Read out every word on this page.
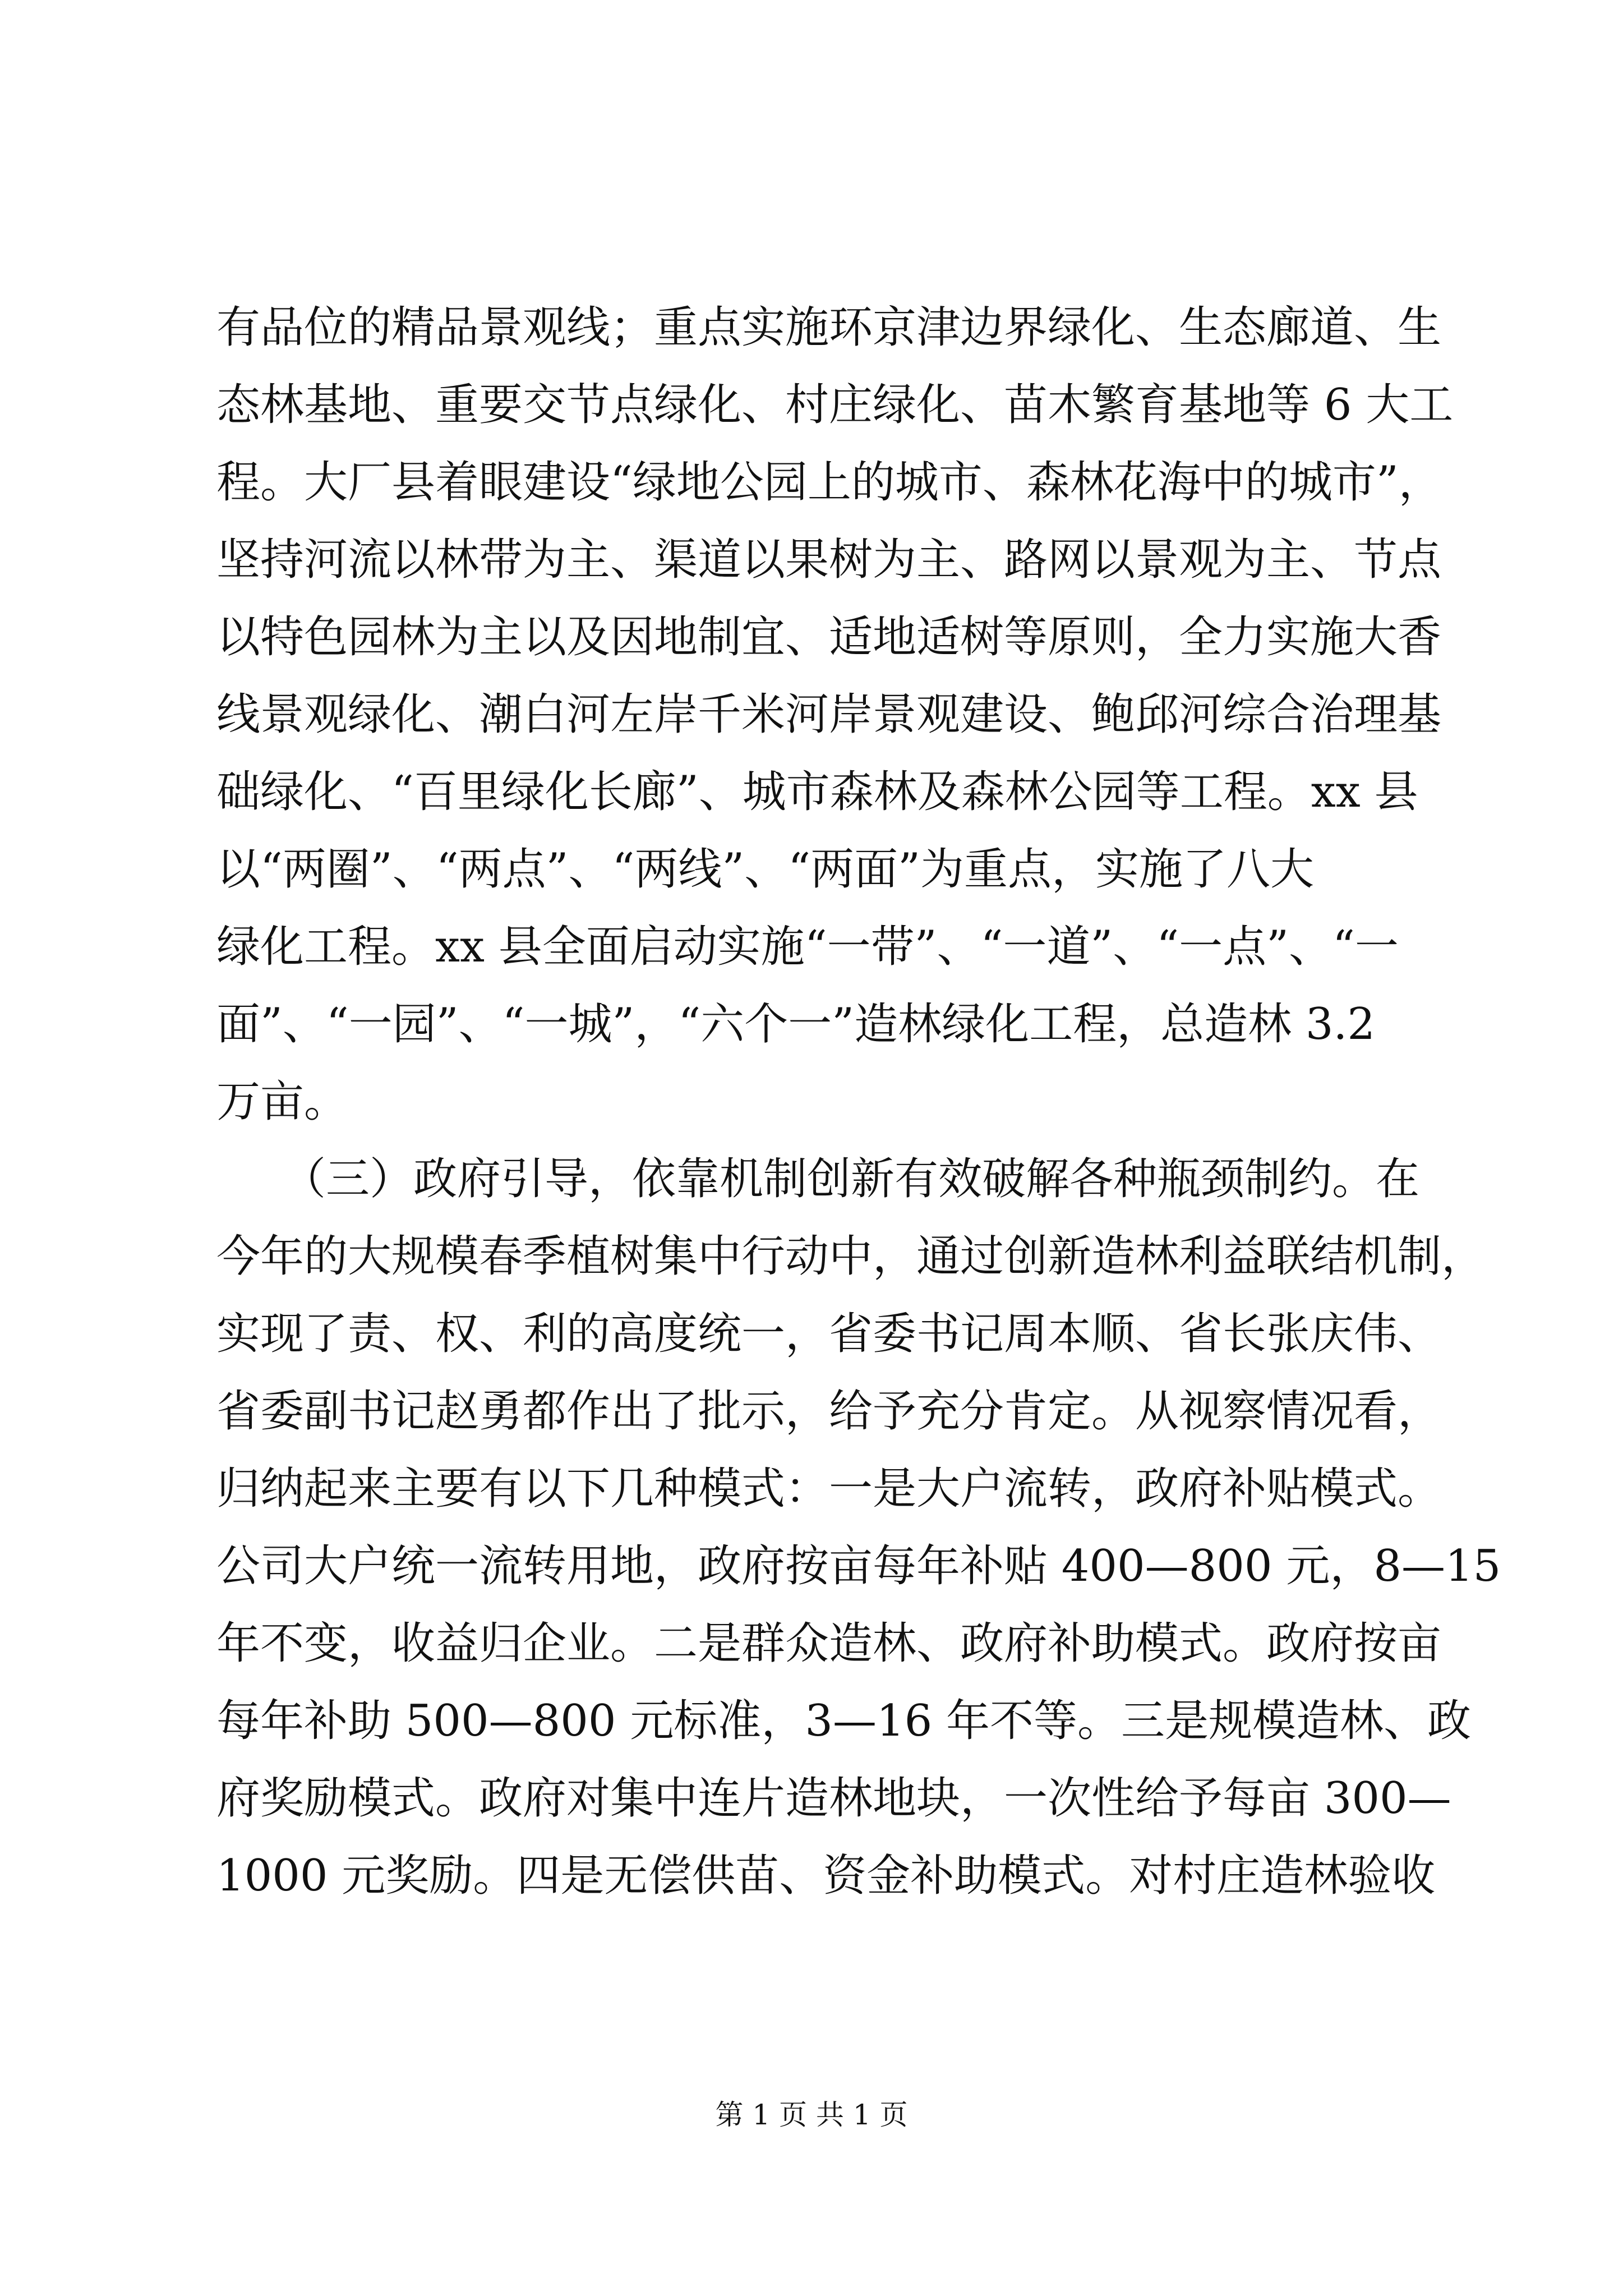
有品位的精品景观线；重点实施环京津边界绿化、生态廊道、生
态林基地、重要交节点绿化、村庄绿化、苗木繁育基地等 6 大工
程。大厂县着眼建设“绿地公园上的城市、森林花海中的城市”，
坚持河流以林带为主、渠道以果树为主、路网以景观为主、节点
以特色园林为主以及因地制宜、适地适树等原则，全力实施大香
线景观绿化、潮白河左岸千米河岸景观建设、鲍邱河综合治理基
础绿化、“百里绿化长廊”、城市森林及森林公园等工程。xx 县
以“两圈”、“两点”、“两线”、“两面”为重点，实施了八大
绿化工程。xx 县全面启动实施“一带”、“一道”、“一点”、“一
面”、“一园”、“一城”，“六个一”造林绿化工程，总造林 3.2
万亩。
　　（三）政府引导，依靠机制创新有效破解各种瓶颈制约。在
今年的大规模春季植树集中行动中，通过创新造林利益联结机制，
实现了责、权、利的高度统一，省委书记周本顺、省长张庆伟、
省委副书记赵勇都作出了批示，给予充分肯定。从视察情况看，
归纳起来主要有以下几种模式：一是大户流转，政府补贴模式。
公司大户统一流转用地，政府按亩每年补贴 400—800 元，8—15
年不变，收益归企业。二是群众造林、政府补助模式。政府按亩
每年补助 500—800 元标准，3—16 年不等。三是规模造林、政
府奖励模式。政府对集中连片造林地块，一次性给予每亩 300—
1000 元奖励。四是无偿供苗、资金补助模式。对村庄造林验收
第 1 页 共 1 页
